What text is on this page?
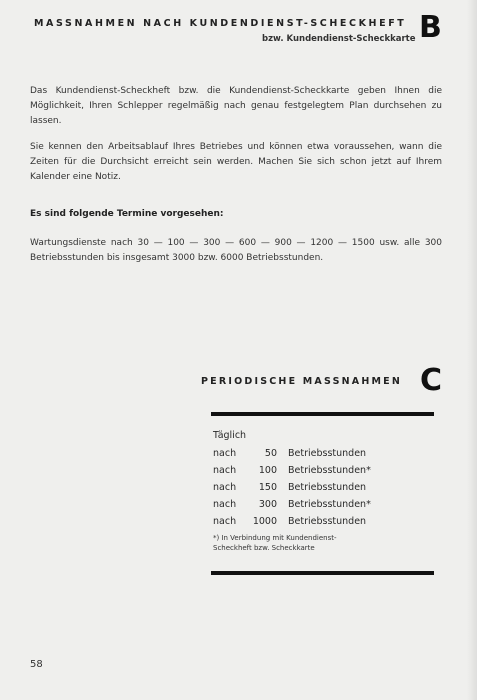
MASSNAHMEN NACH KUNDENDIENST-SCHECKHEFT
bzw. Kundendienst-Scheckkarte B
Das Kundendienst-Scheckheft bzw. die Kundendienst-Scheckkarte geben Ihnen die Möglichkeit, Ihren Schlepper regelmäßig nach genau festgelegtem Plan durchsehen zu lassen.
Sie kennen den Arbeitsablauf Ihres Betriebes und können etwa voraussehen, wann die Zeiten für die Durchsicht erreicht sein werden. Machen Sie sich schon jetzt auf Ihrem Kalender eine Notiz.
Es sind folgende Termine vorgesehen:
Wartungsdienste nach 30 — 100 — 300 — 600 — 900 — 1200 — 1500 usw. alle 300 Betriebsstunden bis insgesamt 3000 bzw. 6000 Betriebsstunden.
PERIODISCHE MASSNAHMEN C
Täglich
nach	50 Betriebsstunden
nach	100 Betriebsstunden*
nach	150 Betriebsstunden
nach	300 Betriebsstunden*
nach	1000 Betriebsstunden
*) In Verbindung mit Kundendienst-Scheckheft bzw. Scheckkarte
58
